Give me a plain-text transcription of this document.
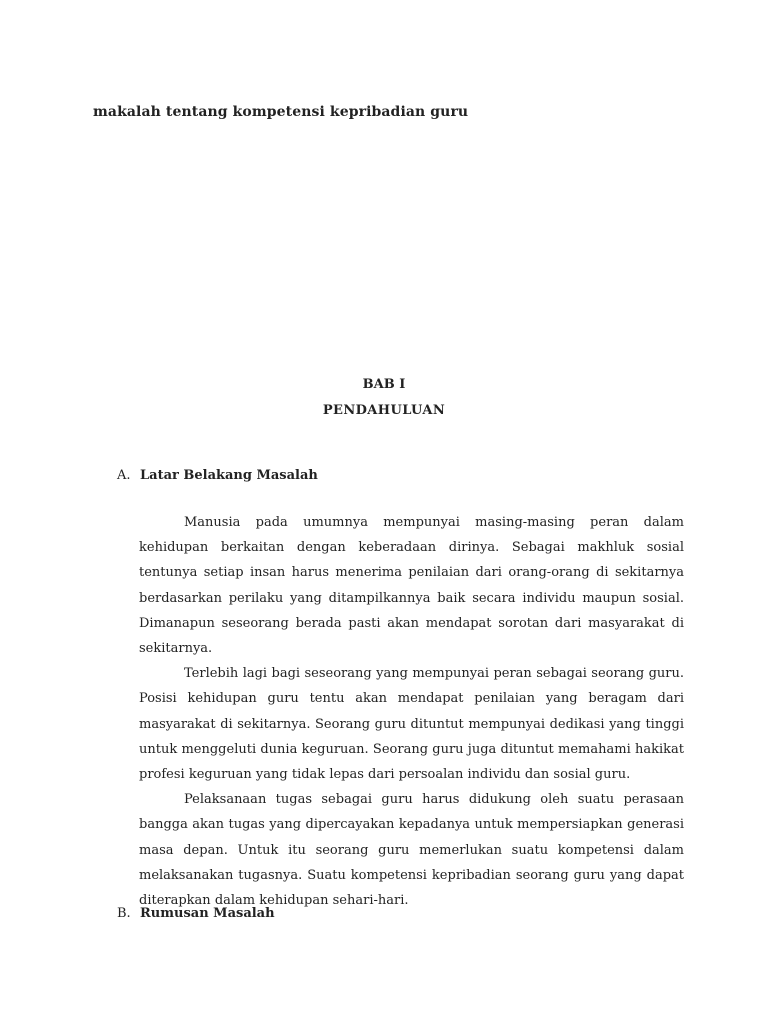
makalah tentang kompetensi kepribadian guru
BAB I
PENDAHULUAN
A. Latar Belakang Masalah

Manusia pada umumnya mempunyai masing-masing peran dalam kehidupan berkaitan dengan keberadaan dirinya. Sebagai makhluk sosial tentunya setiap insan harus menerima penilaian dari orang-orang di sekitarnya berdasarkan perilaku yang ditampilkannya baik secara individu maupun sosial. Dimanapun seseorang berada pasti akan mendapat sorotan dari masyarakat di sekitarnya.

Terlebih lagi bagi seseorang yang mempunyai peran sebagai seorang guru. Posisi kehidupan guru tentu akan mendapat penilaian yang beragam dari masyarakat di sekitarnya. Seorang guru dituntut mempunyai dedikasi yang tinggi untuk menggeluti dunia keguruan. Seorang guru juga dituntut memahami hakikat profesi keguruan yang tidak lepas dari persoalan individu dan sosial guru.

Pelaksanaan tugas sebagai guru harus didukung oleh suatu perasaan bangga akan tugas yang dipercayakan kepadanya untuk mempersiapkan generasi masa depan. Untuk itu seorang guru memerlukan suatu kompetensi dalam melaksanakan tugasnya. Suatu kompetensi kepribadian seorang guru yang dapat diterapkan dalam kehidupan sehari-hari.

B. Rumusan Masalah
